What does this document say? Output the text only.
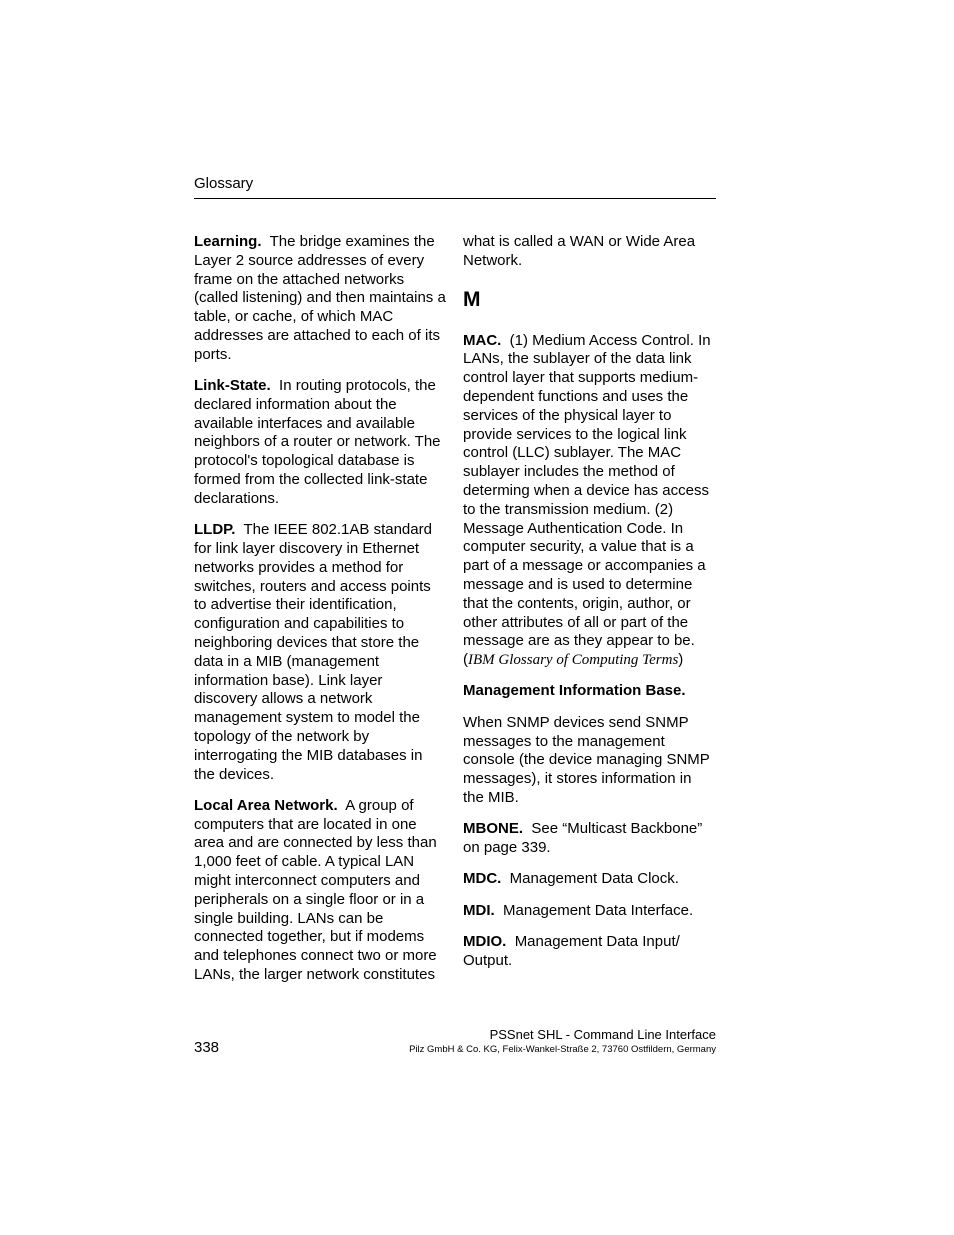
Glossary

Learning. The bridge examines the Layer 2 source addresses of every frame on the attached networks (called listening) and then maintains a table, or cache, of which MAC addresses are attached to each of its ports.

Link-State. In routing protocols, the declared information about the available interfaces and available neighbors of a router or network. The protocol's topological database is formed from the collected link-state declarations.

LLDP. The IEEE 802.1AB standard for link layer discovery in Ethernet networks provides a method for switches, routers and access points to advertise their identification, configuration and capabilities to neighboring devices that store the data in a MIB (management information base). Link layer discovery allows a network management system to model the topology of the network by interrogating the MIB databases in the devices.

Local Area Network. A group of computers that are located in one area and are connected by less than 1,000 feet of cable. A typical LAN might interconnect computers and peripherals on a single floor or in a single building. LANs can be connected together, but if modems and telephones connect two or more LANs, the larger network constitutes

what is called a WAN or Wide Area Network.

M

MAC. (1) Medium Access Control. In LANs, the sublayer of the data link control layer that supports medium-dependent functions and uses the services of the physical layer to provide services to the logical link control (LLC) sublayer. The MAC sublayer includes the method of determing when a device has access to the transmission medium. (2) Message Authentication Code. In computer security, a value that is a part of a message or accompanies a message and is used to determine that the contents, origin, author, or other attributes of all or part of the message are as they appear to be. (IBM Glossary of Computing Terms)

Management Information Base.

When SNMP devices send SNMP messages to the management console (the device managing SNMP messages), it stores information in the MIB.

MBONE. See “Multicast Backbone” on page 339.

MDC. Management Data Clock.

MDI. Management Data Interface.

MDIO. Management Data Input/ Output.

338
PSSnet SHL - Command Line Interface
Pilz GmbH & Co. KG, Felix-Wankel-Straße 2, 73760 Ostfildern, Germany
